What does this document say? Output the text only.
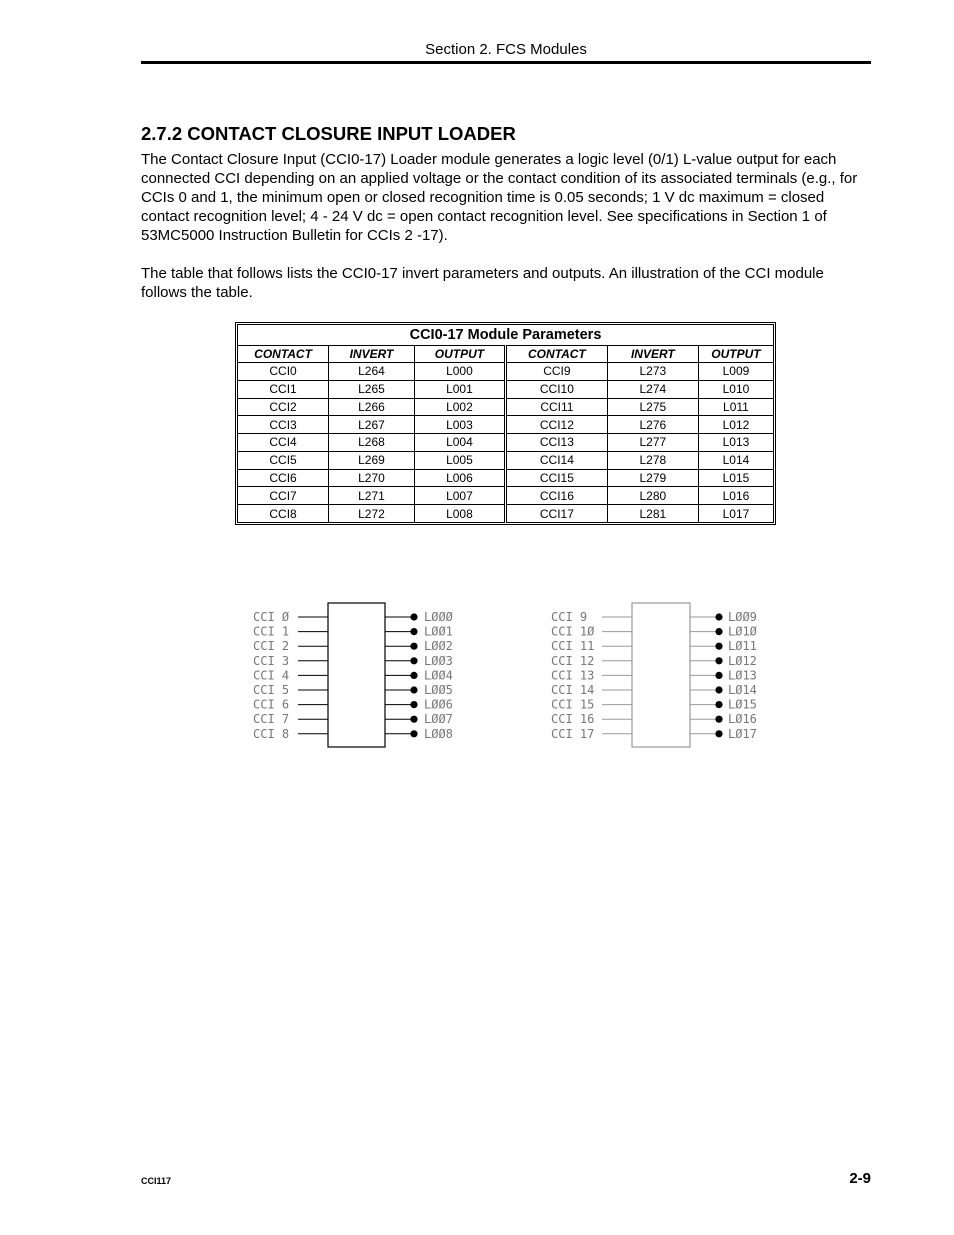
Section 2. FCS Modules
2.7.2 CONTACT CLOSURE INPUT LOADER

The Contact Closure Input (CCI0-17) Loader module generates a logic level (0/1) L-value output for each connected CCI depending on an applied voltage or the contact condition of its associated terminals (e.g., for CCIs 0 and 1, the minimum open or closed recognition time is 0.05 seconds; 1 V dc maximum = closed contact recognition level; 4 - 24 V dc = open contact recognition level. See specifications in Section 1 of 53MC5000 Instruction Bulletin for CCIs 2 -17).

The table that follows lists the CCI0-17 invert parameters and outputs. An illustration of the CCI module follows the table.

CCI0-17 Module Parameters					
CONTACT	INVERT	OUTPUT	CONTACT	INVERT	OUTPUT
CCI0	L264	L000	CCI9	L273	L009
CCI1	L265	L001	CCI10	L274	L010
CCI2	L266	L002	CCI11	L275	L011
CCI3	L267	L003	CCI12	L276	L012
CCI4	L268	L004	CCI13	L277	L013
CCI5	L269	L005	CCI14	L278	L014
CCI6	L270	L006	CCI15	L279	L015
CCI7	L271	L007	CCI16	L280	L016
CCI8	L272	L008	CCI17	L281	L017
CCI Ø	LØØØ
CCI 1	LØØ1
CCI 2	LØØ2
CCI 3	LØØ3
CCI 4	LØØ4
CCI 5	LØØ5
CCI 6	LØØ6
CCI 7	LØØ7
CCI 8	LØØ8
CCI 9	LØØ9
CCI 1Ø	LØ1Ø
CCI 11	LØ11
CCI 12	LØ12
CCI 13	LØ13
CCI 14	LØ14
CCI 15	LØ15
CCI 16	LØ16
CCI 17	LØ17
CCI117	2-9
